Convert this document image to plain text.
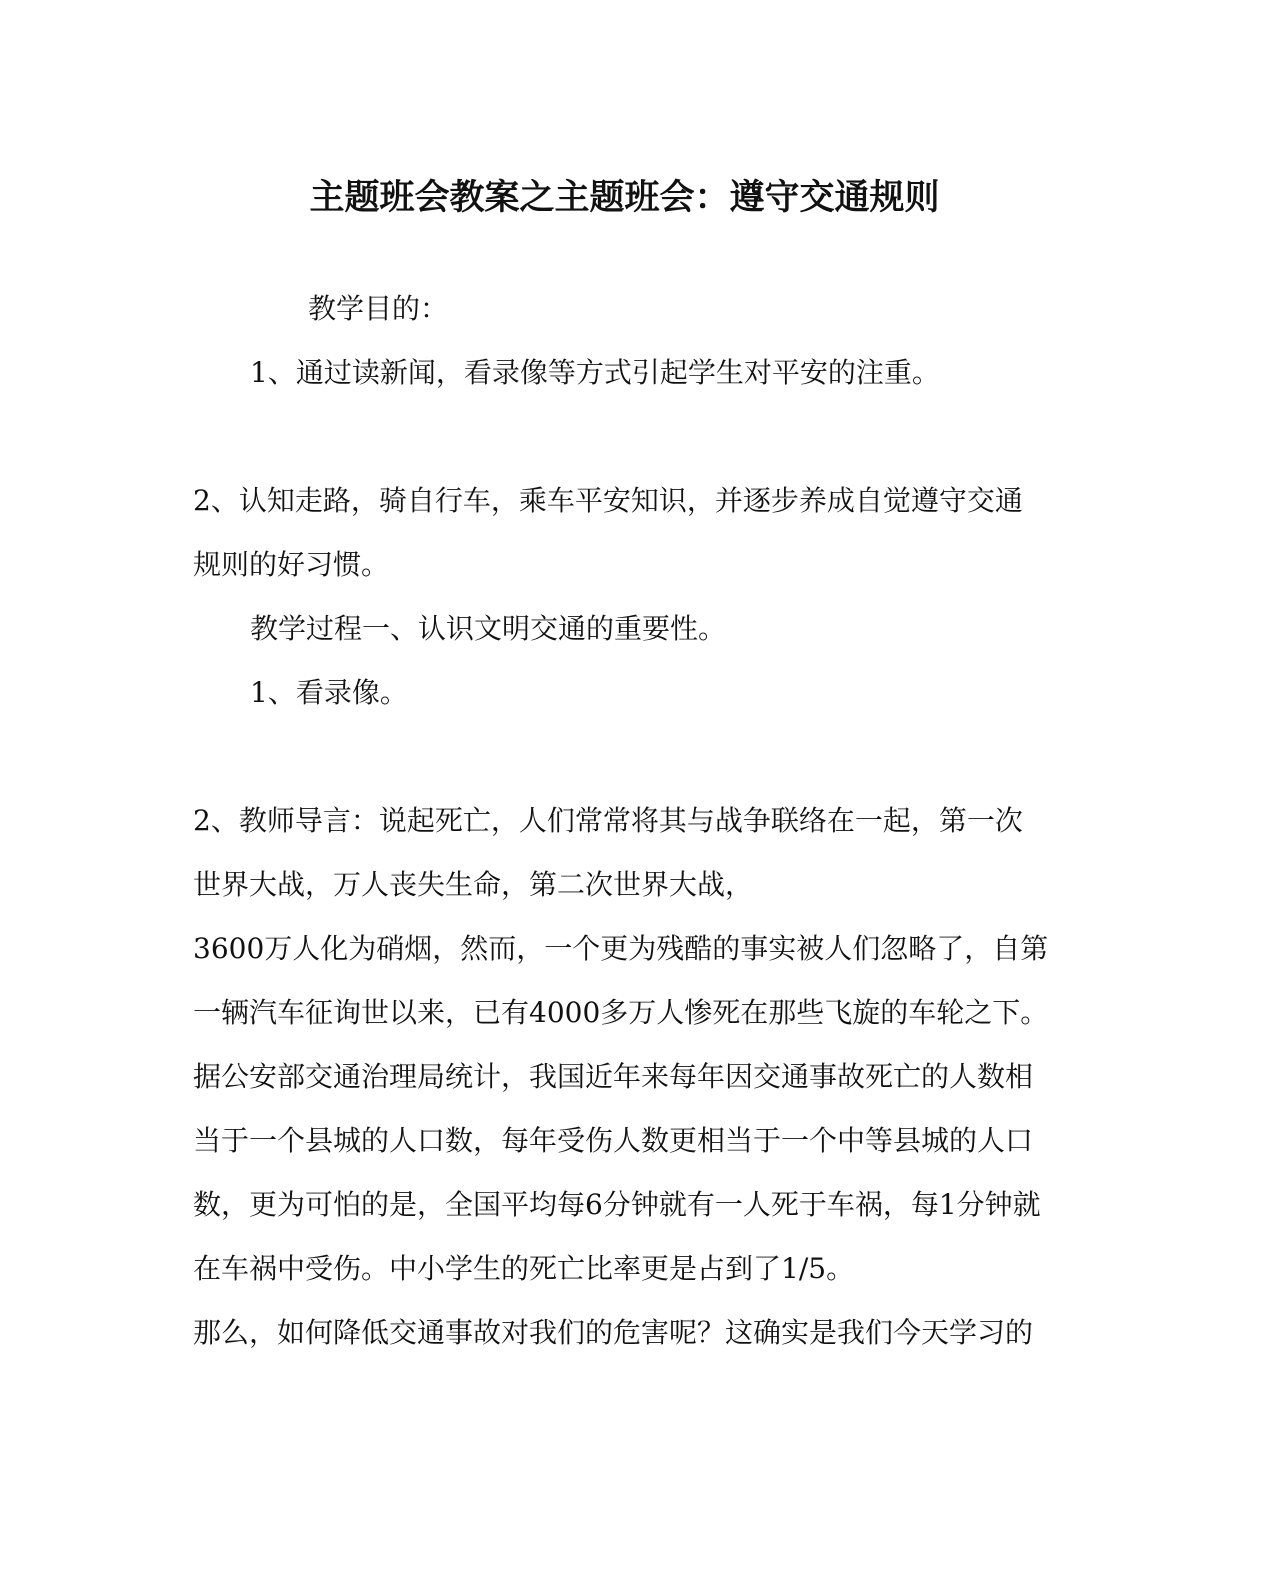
主题班会教案之主题班会：遵守交通规则
教学目的：
1、通过读新闻，看录像等方式引起学生对平安的注重。
2、认知走路，骑自行车，乘车平安知识，并逐步养成自觉遵守交通
规则的好习惯。
教学过程一、认识文明交通的重要性。
1、看录像。
2、教师导言：说起死亡，人们常常将其与战争联络在一起，第一次
世界大战，万人丧失生命，第二次世界大战，
3600万人化为硝烟，然而，一个更为残酷的事实被人们忽略了，自第
一辆汽车征询世以来，已有4000多万人惨死在那些飞旋的车轮之下。
据公安部交通治理局统计，我国近年来每年因交通事故死亡的人数相
当于一个县城的人口数，每年受伤人数更相当于一个中等县城的人口
数，更为可怕的是，全国平均每6分钟就有一人死于车祸，每1分钟就
在车祸中受伤。中小学生的死亡比率更是占到了1/5。
那么，如何降低交通事故对我们的危害呢？这确实是我们今天学习的
